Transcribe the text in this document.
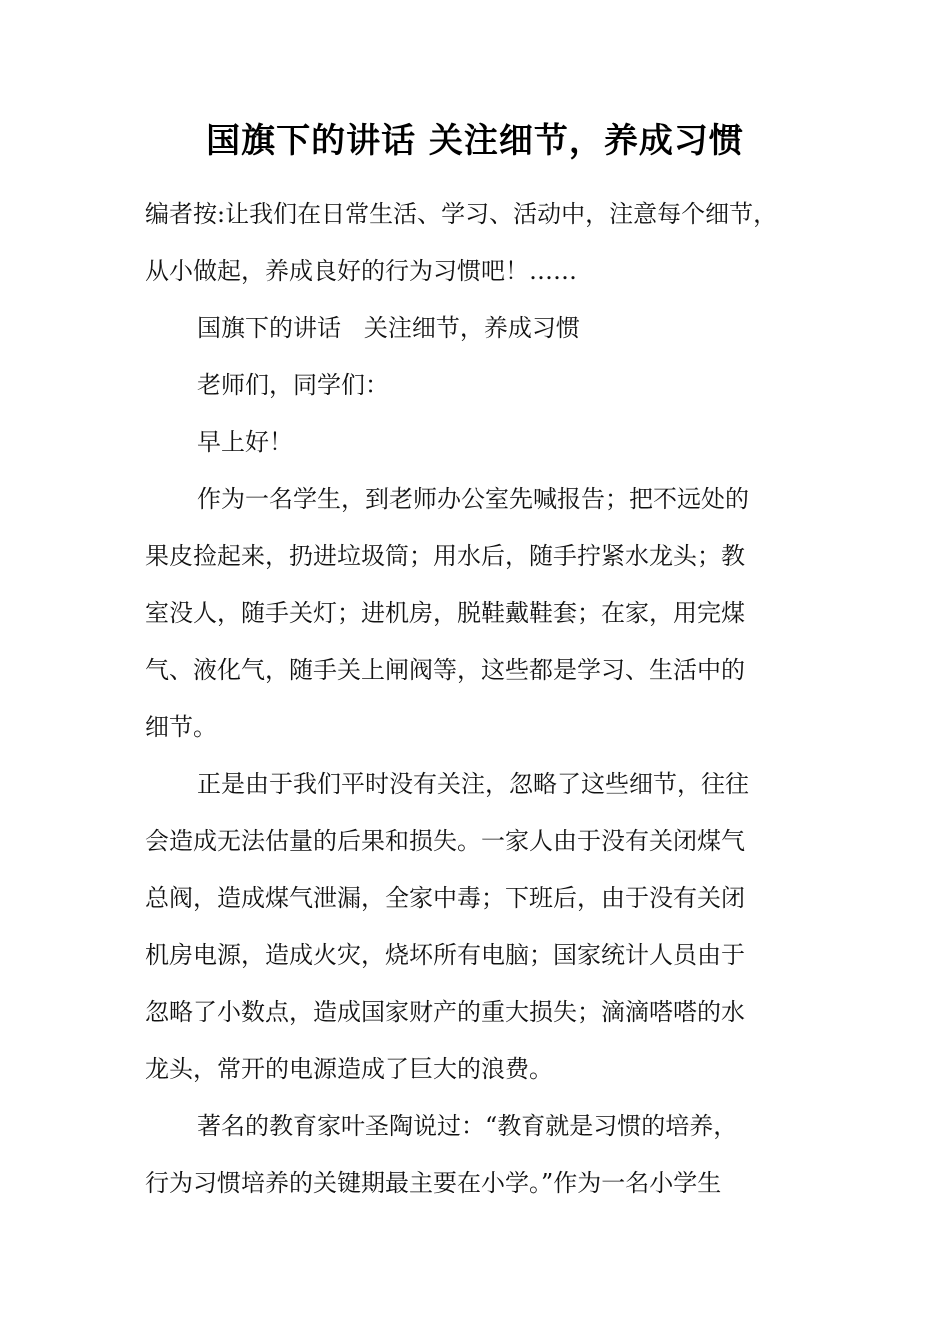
国旗下的讲话 关注细节，养成习惯
编者按:让我们在日常生活、学习、活动中，注意每个细节，
从小做起，养成良好的行为习惯吧！……
国旗下的讲话   关注细节，养成习惯
老师们，同学们：
早上好！
作为一名学生，到老师办公室先喊报告；把不远处的
果皮捡起来，扔进垃圾筒；用水后，随手拧紧水龙头；教
室没人，随手关灯；进机房，脱鞋戴鞋套；在家，用完煤
气、液化气，随手关上闸阀等，这些都是学习、生活中的
细节。
正是由于我们平时没有关注，忽略了这些细节，往往
会造成无法估量的后果和损失。一家人由于没有关闭煤气
总阀，造成煤气泄漏，全家中毒；下班后，由于没有关闭
机房电源，造成火灾，烧坏所有电脑；国家统计人员由于
忽略了小数点，造成国家财产的重大损失；滴滴嗒嗒的水
龙头，常开的电源造成了巨大的浪费。
著名的教育家叶圣陶说过：“教育就是习惯的培养，
行为习惯培养的关键期最主要在小学。”作为一名小学生
